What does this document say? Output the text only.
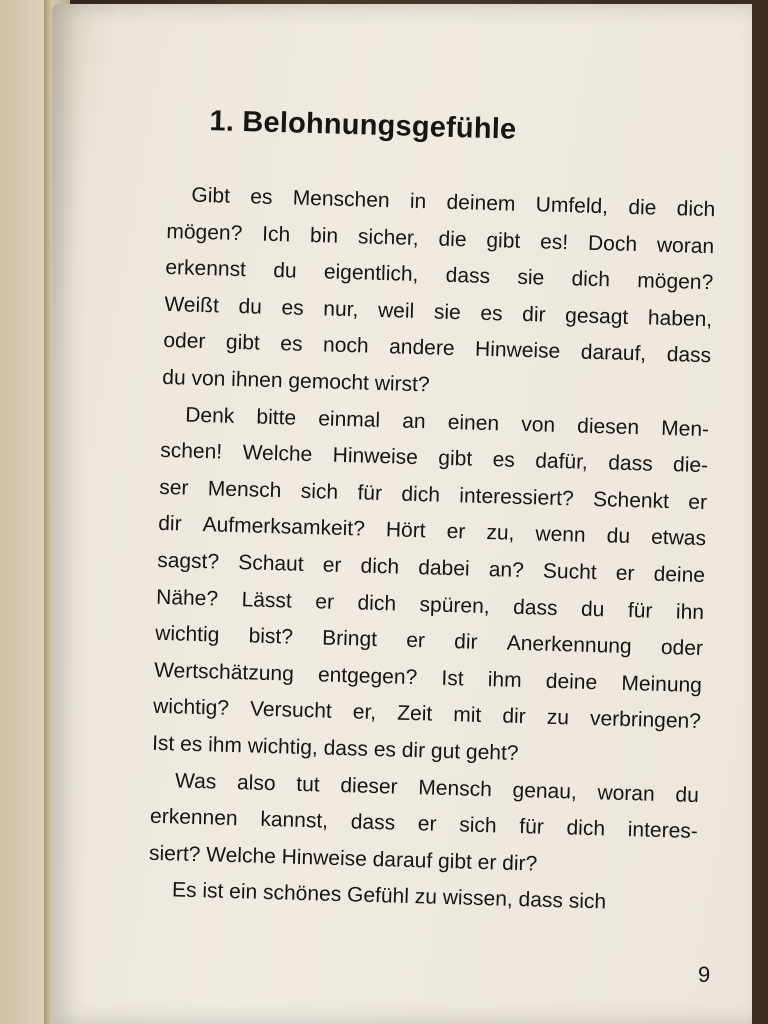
1. Belohnungsgefühle
Gibt es Menschen in deinem Umfeld, die dich
mögen? Ich bin sicher, die gibt es! Doch woran
erkennst du eigentlich, dass sie dich mögen?
Weißt du es nur, weil sie es dir gesagt haben,
oder gibt es noch andere Hinweise darauf, dass
du von ihnen gemocht wirst?
Denk bitte einmal an einen von diesen Men-
schen! Welche Hinweise gibt es dafür, dass die-
ser Mensch sich für dich interessiert? Schenkt er
dir Aufmerksamkeit? Hört er zu, wenn du etwas
sagst? Schaut er dich dabei an? Sucht er deine
Nähe? Lässt er dich spüren, dass du für ihn
wichtig bist? Bringt er dir Anerkennung oder
Wertschätzung entgegen? Ist ihm deine Meinung
wichtig? Versucht er, Zeit mit dir zu verbringen?
Ist es ihm wichtig, dass es dir gut geht?
Was also tut dieser Mensch genau, woran du
erkennen kannst, dass er sich für dich interes-
siert? Welche Hinweise darauf gibt er dir?
Es ist ein schönes Gefühl zu wissen, dass sich
9
